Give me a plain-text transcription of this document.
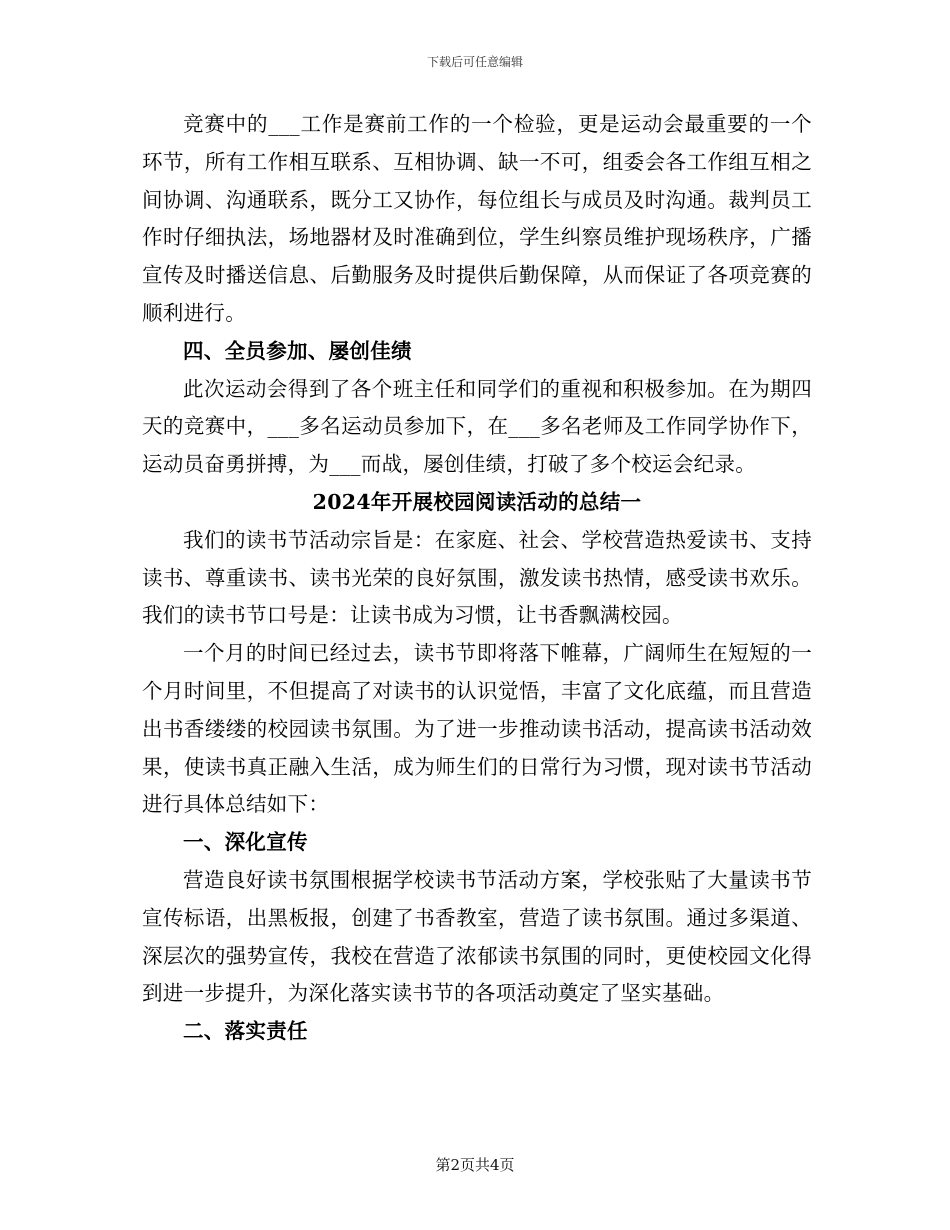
下载后可任意编辑

竞赛中的___工作是赛前工作的一个检验，更是运动会最重要的一个环节，所有工作相互联系、互相协调、缺一不可，组委会各工作组互相之间协调、沟通联系，既分工又协作，每位组长与成员及时沟通。裁判员工作时仔细执法，场地器材及时准确到位，学生纠察员维护现场秩序，广播宣传及时播送信息、后勤服务及时提供后勤保障，从而保证了各项竞赛的顺利进行。

四、全员参加、屡创佳绩

此次运动会得到了各个班主任和同学们的重视和积极参加。在为期四天的竞赛中，___多名运动员参加下，在___多名老师及工作同学协作下，运动员奋勇拼搏，为___而战，屡创佳绩，打破了多个校运会纪录。

2024年开展校园阅读活动的总结一

我们的读书节活动宗旨是：在家庭、社会、学校营造热爱读书、支持读书、尊重读书、读书光荣的良好氛围，激发读书热情，感受读书欢乐。我们的读书节口号是：让读书成为习惯，让书香飘满校园。

一个月的时间已经过去，读书节即将落下帷幕，广阔师生在短短的一个月时间里，不但提高了对读书的认识觉悟，丰富了文化底蕴，而且营造出书香缕缕的校园读书氛围。为了进一步推动读书活动，提高读书活动效果，使读书真正融入生活，成为师生们的日常行为习惯，现对读书节活动进行具体总结如下：

一、深化宣传

营造良好读书氛围根据学校读书节活动方案，学校张贴了大量读书节宣传标语，出黑板报，创建了书香教室，营造了读书氛围。通过多渠道、深层次的强势宣传，我校在营造了浓郁读书氛围的同时，更使校园文化得到进一步提升，为深化落实读书节的各项活动奠定了坚实基础。

二、落实责任

第2页共4页
